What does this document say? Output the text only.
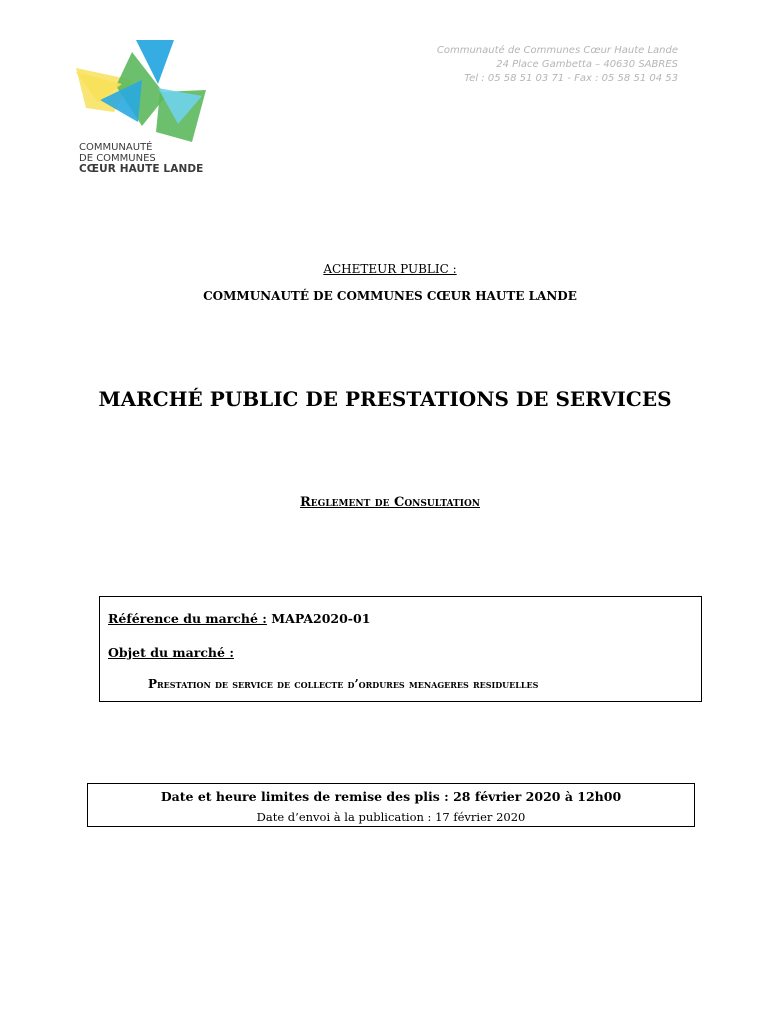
COMMUNAUTÉ
DE COMMUNES
CŒUR HAUTE LANDE
Communauté de Communes Cœur Haute Lande
24 Place Gambetta – 40630 SABRES
Tel : 05 58 51 03 71 - Fax : 05 58 51 04 53
ACHETEUR PUBLIC :
COMMUNAUTÉ DE COMMUNES CŒUR HAUTE LANDE
MARCHÉ PUBLIC DE PRESTATIONS DE SERVICES
Reglement de Consultation
Référence du marché : MAPA2020-01
Objet du marché :
Prestation de service de collecte d’ordures menageres residuelles
Date et heure limites de remise des plis : 28 février 2020 à 12h00
Date d’envoi à la publication : 17 février 2020
